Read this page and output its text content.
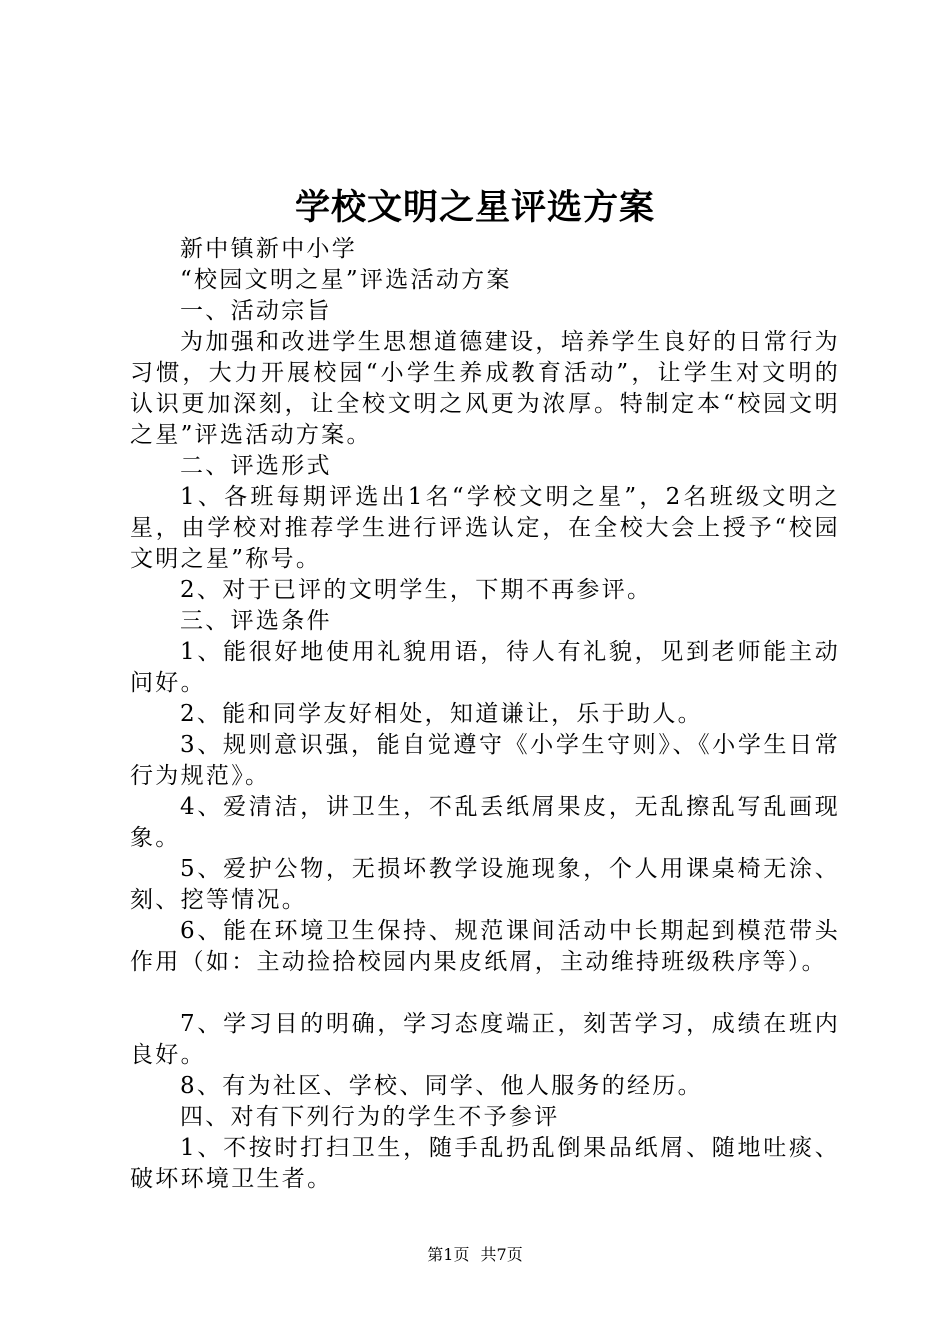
学校文明之星评选方案

新中镇新中小学

“校园文明之星”评选活动方案

一、活动宗旨

为加强和改进学生思想道德建设，培养学生良好的日常行为习惯，大力开展校园“小学生养成教育活动”，让学生对文明的认识更加深刻，让全校文明之风更为浓厚。特制定本“校园文明之星”评选活动方案。

二、评选形式

1、各班每期评选出1名“学校文明之星”，2名班级文明之星，由学校对推荐学生进行评选认定，在全校大会上授予“校园文明之星”称号。

2、对于已评的文明学生，下期不再参评。

三、评选条件

1、能很好地使用礼貌用语，待人有礼貌，见到老师能主动问好。

2、能和同学友好相处，知道谦让，乐于助人。

3、规则意识强，能自觉遵守《小学生守则》、《小学生日常行为规范》。

4、爱清洁，讲卫生，不乱丢纸屑果皮，无乱擦乱写乱画现象。

5、爱护公物，无损坏教学设施现象，个人用课桌椅无涂、刻、挖等情况。

6、能在环境卫生保持、规范课间活动中长期起到模范带头作用（如：主动捡拾校园内果皮纸屑，主动维持班级秩序等）。

7、学习目的明确，学习态度端正，刻苦学习，成绩在班内良好。

8、有为社区、学校、同学、他人服务的经历。

四、对有下列行为的学生不予参评

1、不按时打扫卫生，随手乱扔乱倒果品纸屑、随地吐痰、破坏环境卫生者。

第1页 共7页
